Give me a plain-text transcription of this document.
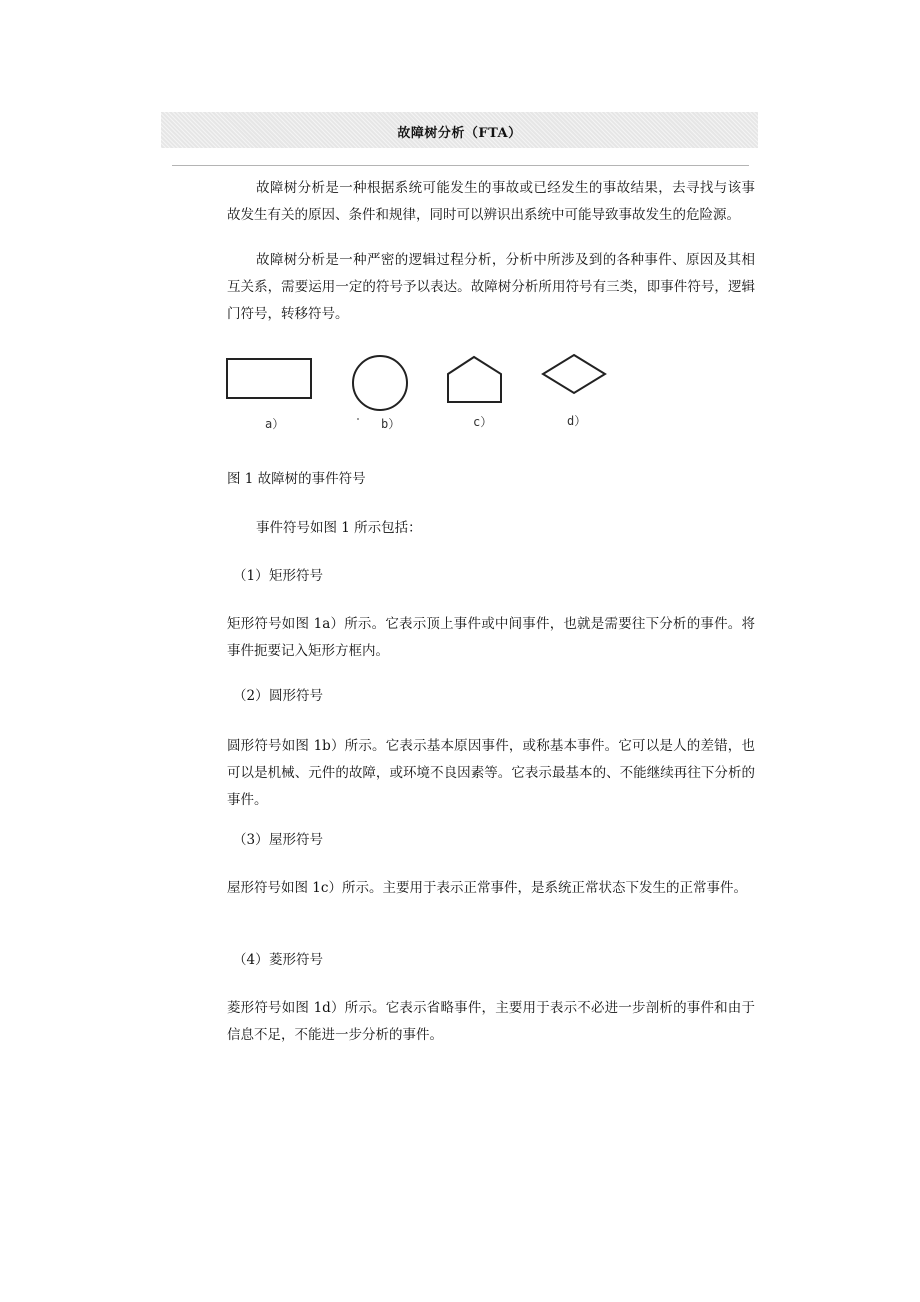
故障树分析（FTA）

故障树分析是一种根据系统可能发生的事故或已经发生的事故结果，去寻找与该事故发生有关的原因、条件和规律，同时可以辨识出系统中可能导致事故发生的危险源。

故障树分析是一种严密的逻辑过程分析，分析中所涉及到的各种事件、原因及其相互关系，需要运用一定的符号予以表达。故障树分析所用符号有三类，即事件符号，逻辑门符号，转移符号。

a）	b）	c）	d）

图 1 故障树的事件符号

事件符号如图 1 所示包括：

（1）矩形符号

矩形符号如图 1a）所示。它表示顶上事件或中间事件，也就是需要往下分析的事件。将事件扼要记入矩形方框内。

（2）圆形符号

圆形符号如图 1b）所示。它表示基本原因事件，或称基本事件。它可以是人的差错，也可以是机械、元件的故障，或环境不良因素等。它表示最基本的、不能继续再往下分析的事件。

（3）屋形符号

屋形符号如图 1c）所示。主要用于表示正常事件，是系统正常状态下发生的正常事件。

（4）菱形符号

菱形符号如图 1d）所示。它表示省略事件，主要用于表示不必进一步剖析的事件和由于信息不足，不能进一步分析的事件。
